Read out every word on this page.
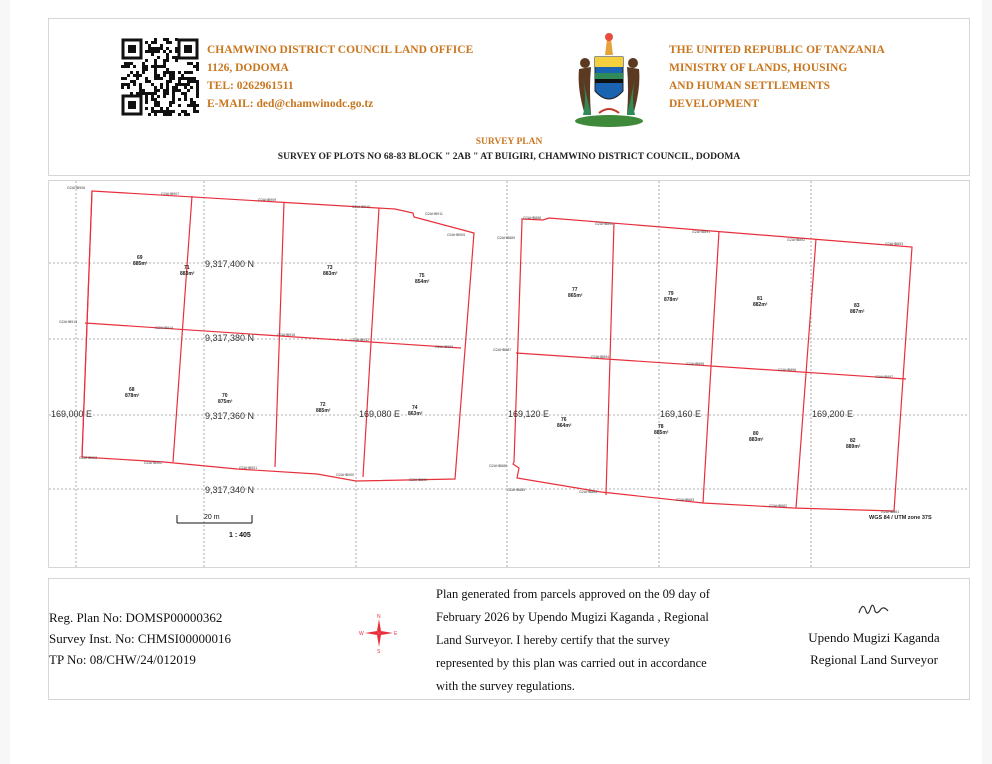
CHAMWINO DISTRICT COUNCIL LAND OFFICE
1126, DODOMA
TEL: 0262961511
E-MAIL: ded@chamwinodc.go.tz
THE UNITED REPUBLIC OF TANZANIA
MINISTRY OF LANDS, HOUSING
AND HUMAN SETTLEMENTS
DEVELOPMENT
SURVEY PLAN
SURVEY OF PLOTS NO 68-83 BLOCK " 2AB " AT BUIGIRI, CHAMWINO DISTRICT COUNCIL, DODOMA
9,317,400 N
9,317,380 N
9,317,360 N
9,317,340 N
169,000 E	169,080 E	169,120 E	169,160 E	169,200 E
69
885m²
71
883m²
73
883m²	75
854m²
68
878m²	70
875m²	72
885m²	74
863m²
77
865m²	79
878m²	81
882m²	83
887m²
76
864m²	78
885m²	80
883m²	82
889m²
G2AHB908
G2AHB907
G2AHB909
G2AHB910
G2AHB911
G2AHB905
G2AHB913
G2AHB914
G2AHB915
G2AHB912
G2AHB904
G2AHB903
G2AHB902
G2AHB901
G2AHB900
G2AHB899
G2AHB888
G2AHB889
G2AHB890
G2AHB891
G2AHB892
G2AHB893
G2AHB887
G2AHB894
G2AHB895
G2AHB896
G2AHB897
G2AHB886
G2AHB885	G2AHB884
G2AHB883
G2AHB882
G2AHB881
20 m
1 : 405
WGS 84 / UTM zone 37S
Reg. Plan No: DOMSP00000362
Survey Inst. No: CHMSI00000016
TP No: 08/CHW/24/012019
N
S
W	E
Plan generated from parcels approved on the 09 day of
February 2026 by Upendo Mugizi Kaganda , Regional
Land Surveyor. I hereby certify that the survey
represented by this plan was carried out in accordance
with the survey regulations.
Upendo Mugizi Kaganda
Regional Land Surveyor
